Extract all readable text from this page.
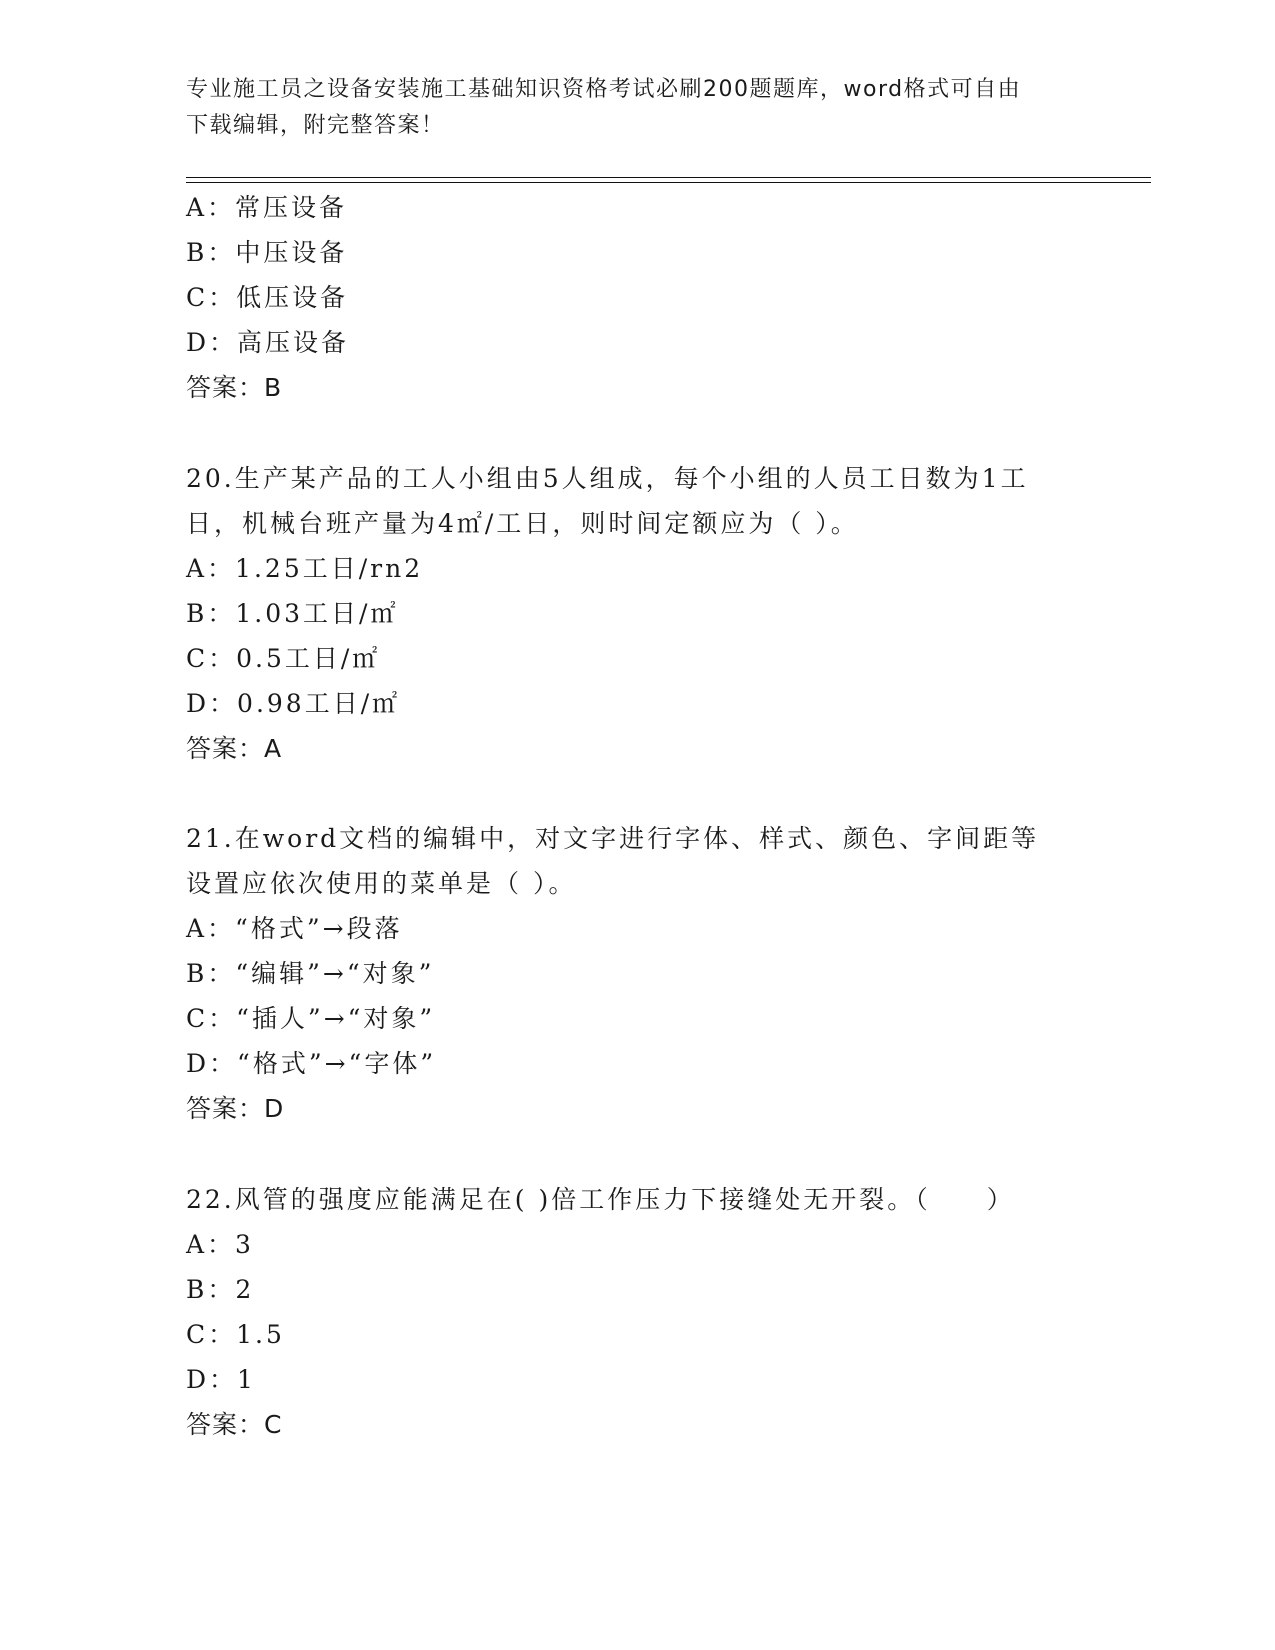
专业施工员之设备安装施工基础知识资格考试必刷200题题库，word格式可自由
下载编辑，附完整答案！
A：常压设备
B：中压设备
C：低压设备
D：高压设备
答案：B
20.生产某产品的工人小组由5人组成，每个小组的人员工日数为1工
日，机械台班产量为4㎡/工日，则时间定额应为（ ）。
A：1.25工日/rn2
B：1.03工日/㎡
C：0.5工日/㎡
D：0.98工日/㎡
答案：A
21.在word文档的编辑中，对文字进行字体、样式、颜色、字间距等
设置应依次使用的菜单是（ ）。
A：“格式”→段落
B：“编辑”→“对象”
C：“插人”→“对象”
D：“格式”→“字体”
答案：D
22.风管的强度应能满足在( )倍工作压力下接缝处无开裂。（　　）
A：3
B：2
C：1.5
D：1
答案：C
